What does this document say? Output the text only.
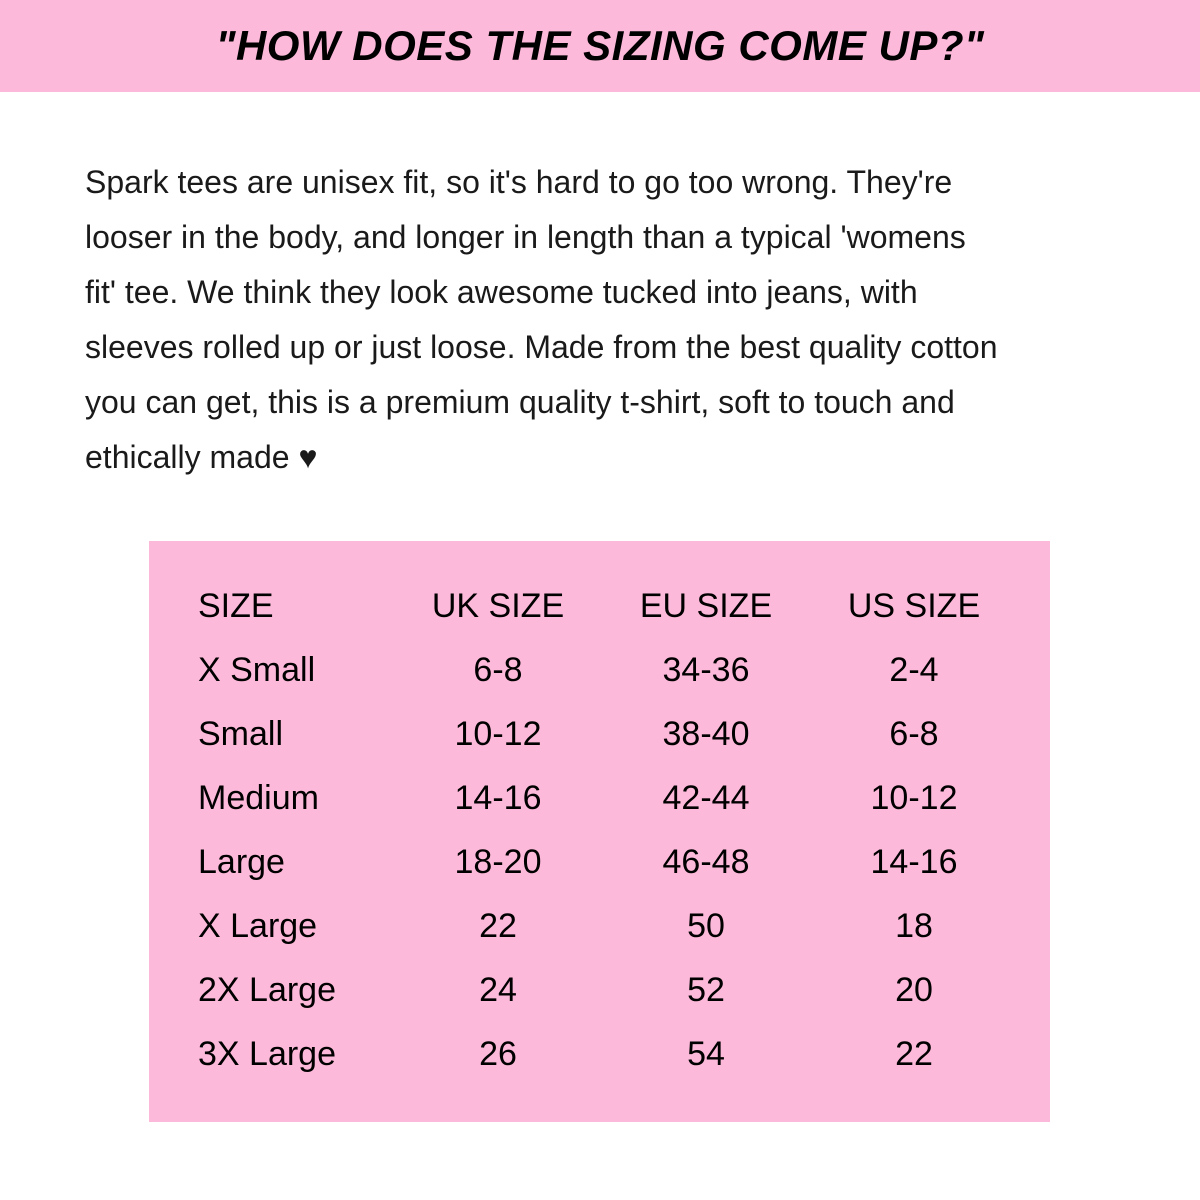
"HOW DOES THE SIZING COME UP?"

Spark tees are unisex fit, so it's hard to go too wrong. They're

looser in the body, and longer in length than a typical 'womens

fit' tee. We think they look awesome tucked into jeans, with

sleeves rolled up or just loose. Made from the best quality cotton

you can get, this is a premium quality t-shirt, soft to touch and

ethically made ♥

SIZE	UK SIZE	EU SIZE	US SIZE
X Small	6-8	34-36	2-4
Small	10-12	38-40	6-8
Medium	14-16	42-44	10-12
Large	18-20	46-48	14-16
X Large	22	50	18
2X Large	24	52	20
3X Large	26	54	22
